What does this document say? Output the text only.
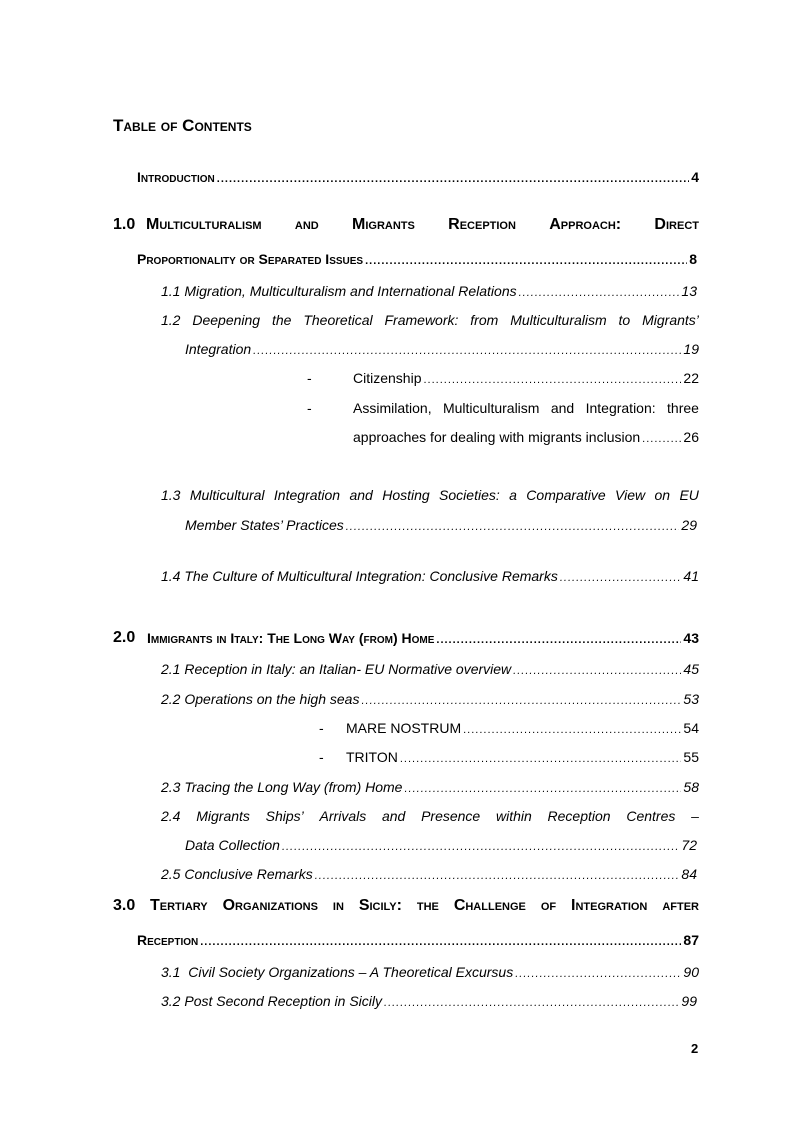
Table of Contents
Introduction .....	4
1.0 Multiculturalism and Migrants Reception Approach: Direct
Proportionality or Separated Issues .....	8
1.1 Migration, Multiculturalism and International Relations .....	13
1.2 Deepening the Theoretical Framework: from Multiculturalism to Migrants’
Integration .....	19
-	Citizenship .....	22
-	Assimilation, Multiculturalism and Integration: three
approaches for dealing with migrants inclusion .....	26
1.3 Multicultural Integration and Hosting Societies: a Comparative View on EU
Member States’ Practices .....	29
1.4 The Culture of Multicultural Integration: Conclusive Remarks .....	41
2.0 Immigrants in Italy: The Long Way (from) Home .....	43
2.1 Reception in Italy: an Italian- EU Normative overview .....	45
2.2 Operations on the high seas .....	53
- MARE NOSTRUM .....	54
- TRITON .....	55
2.3 Tracing the Long Way (from) Home .....	58
2.4 Migrants Ships’ Arrivals and Presence within Reception Centres –
Data Collection .....	72
2.5 Conclusive Remarks .....	84
3.0 Tertiary Organizations in Sicily: the Challenge of Integration after
Reception .....	87
3.1  Civil Society Organizations – A Theoretical Excursus .....	90
3.2 Post Second Reception in Sicily .....	99
2
